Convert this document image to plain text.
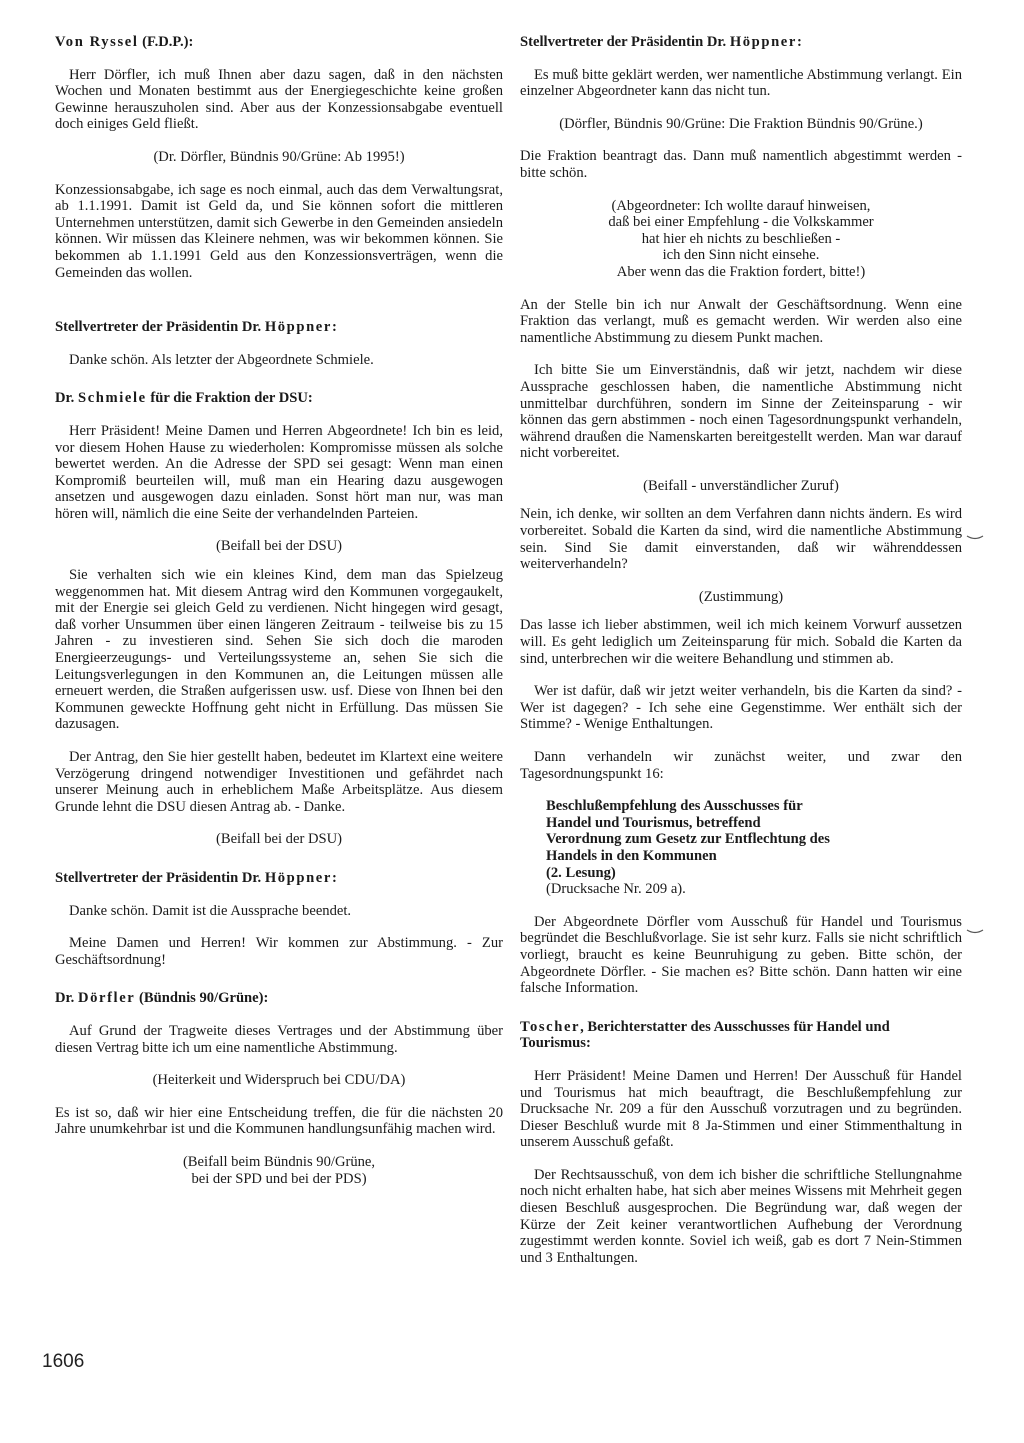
Von Ryssel (F.D.P.):

Herr Dörfler, ich muß Ihnen aber dazu sagen, daß in den nächsten Wochen und Monaten bestimmt aus der Energiegeschichte keine großen Gewinne herauszuholen sind. Aber aus der Konzessionsabgabe eventuell doch einiges Geld fließt.

(Dr. Dörfler, Bündnis 90/Grüne: Ab 1995!)

Konzessionsabgabe, ich sage es noch einmal, auch das dem Verwaltungsrat, ab 1.1.1991. Damit ist Geld da, und Sie können sofort die mittleren Unternehmen unterstützen, damit sich Gewerbe in den Gemeinden ansiedeln können. Wir müssen das Kleinere nehmen, was wir bekommen können. Sie bekommen ab 1.1.1991 Geld aus den Konzessionsverträgen, wenn die Gemeinden das wollen.

Stellvertreter der Präsidentin Dr. Höppner:

Danke schön. Als letzter der Abgeordnete Schmiele.

Dr. Schmiele für die Fraktion der DSU:

Herr Präsident! Meine Damen und Herren Abgeordnete! Ich bin es leid, vor diesem Hohen Hause zu wiederholen: Kompromisse müssen als solche bewertet werden. An die Adresse der SPD sei gesagt: Wenn man einen Kompromiß beurteilen will, muß man ein Hearing dazu ausgewogen ansetzen und ausgewogen dazu einladen. Sonst hört man nur, was man hören will, nämlich die eine Seite der verhandelnden Parteien.

(Beifall bei der DSU)

Sie verhalten sich wie ein kleines Kind, dem man das Spielzeug weggenommen hat. Mit diesem Antrag wird den Kommunen vorgegaukelt, mit der Energie sei gleich Geld zu verdienen. Nicht hingegen wird gesagt, daß vorher Unsummen über einen längeren Zeitraum - teilweise bis zu 15 Jahren - zu investieren sind. Sehen Sie sich doch die maroden Energieerzeugungs- und Verteilungssysteme an, sehen Sie sich die Leitungsverlegungen in den Kommunen an, die Leitungen müssen alle erneuert werden, die Straßen aufgerissen usw. usf. Diese von Ihnen bei den Kommunen geweckte Hoffnung geht nicht in Erfüllung. Das müssen Sie dazusagen.

Der Antrag, den Sie hier gestellt haben, bedeutet im Klartext eine weitere Verzögerung dringend notwendiger Investitionen und gefährdet nach unserer Meinung auch in erheblichem Maße Arbeitsplätze. Aus diesem Grunde lehnt die DSU diesen Antrag ab. - Danke.

(Beifall bei der DSU)

Stellvertreter der Präsidentin Dr. Höppner:

Danke schön. Damit ist die Aussprache beendet.

Meine Damen und Herren! Wir kommen zur Abstimmung. - Zur Geschäftsordnung!

Dr. Dörfler (Bündnis 90/Grüne):

Auf Grund der Tragweite dieses Vertrages und der Abstimmung über diesen Vertrag bitte ich um eine namentliche Abstimmung.

(Heiterkeit und Widerspruch bei CDU/DA)

Es ist so, daß wir hier eine Entscheidung treffen, die für die nächsten 20 Jahre unumkehrbar ist und die Kommunen handlungsunfähig machen wird.

(Beifall beim Bündnis 90/Grüne,

bei der SPD und bei der PDS)

Stellvertreter der Präsidentin Dr. Höppner:

Es muß bitte geklärt werden, wer namentliche Abstimmung verlangt. Ein einzelner Abgeordneter kann das nicht tun.

(Dörfler, Bündnis 90/Grüne: Die Fraktion Bündnis 90/Grüne.)

Die Fraktion beantragt das. Dann muß namentlich abgestimmt werden - bitte schön.

(Abgeordneter: Ich wollte darauf hinweisen,

daß bei einer Empfehlung - die Volkskammer

hat hier eh nichts zu beschließen -

ich den Sinn nicht einsehe.

Aber wenn das die Fraktion fordert, bitte!)

An der Stelle bin ich nur Anwalt der Geschäftsordnung. Wenn eine Fraktion das verlangt, muß es gemacht werden. Wir werden also eine namentliche Abstimmung zu diesem Punkt machen.

Ich bitte Sie um Einverständnis, daß wir jetzt, nachdem wir diese Aussprache geschlossen haben, die namentliche Abstimmung nicht unmittelbar durchführen, sondern im Sinne der Zeiteinsparung - wir können das gern abstimmen - noch einen Tagesordnungspunkt verhandeln, während draußen die Namenskarten bereitgestellt werden. Man war darauf nicht vorbereitet.

(Beifall - unverständlicher Zuruf)

Nein, ich denke, wir sollten an dem Verfahren dann nichts ändern. Es wird vorbereitet. Sobald die Karten da sind, wird die namentliche Abstimmung sein. Sind Sie damit einverstanden, daß wir währenddessen weiterverhandeln?

(Zustimmung)

Das lasse ich lieber abstimmen, weil ich mich keinem Vorwurf aussetzen will. Es geht lediglich um Zeiteinsparung für mich. Sobald die Karten da sind, unterbrechen wir die weitere Behandlung und stimmen ab.

Wer ist dafür, daß wir jetzt weiter verhandeln, bis die Karten da sind? - Wer ist dagegen? - Ich sehe eine Gegenstimme. Wer enthält sich der Stimme? - Wenige Enthaltungen.

Dann verhandeln wir zunächst weiter, und zwar den Tagesordnungspunkt 16:

Beschlußempfehlung des Ausschusses für

Handel und Tourismus, betreffend

Verordnung zum Gesetz zur Entflechtung des

Handels in den Kommunen

(2. Lesung)

(Drucksache Nr. 209 a).

Der Abgeordnete Dörfler vom Ausschuß für Handel und Tourismus begründet die Beschlußvorlage. Sie ist sehr kurz. Falls sie nicht schriftlich vorliegt, braucht es keine Beunruhigung zu geben. Bitte schön, der Abgeordnete Dörfler. - Sie machen es? Bitte schön. Dann hatten wir eine falsche Information.

Toscher, Berichterstatter des Ausschusses für Handel und Tourismus:

Herr Präsident! Meine Damen und Herren! Der Ausschuß für Handel und Tourismus hat mich beauftragt, die Beschlußempfehlung zur Drucksache Nr. 209 a für den Ausschuß vorzutragen und zu begründen. Dieser Beschluß wurde mit 8 Ja-Stimmen und einer Stimmenthaltung in unserem Ausschuß gefaßt.

Der Rechtsausschuß, von dem ich bisher die schriftliche Stellungnahme noch nicht erhalten habe, hat sich aber meines Wissens mit Mehrheit gegen diesen Beschluß ausgesprochen. Die Begründung war, daß wegen der Kürze der Zeit keiner verantwortlichen Aufhebung der Verordnung zugestimmt werden konnte. Soviel ich weiß, gab es dort 7 Nein-Stimmen und 3 Enthaltungen.

1606
